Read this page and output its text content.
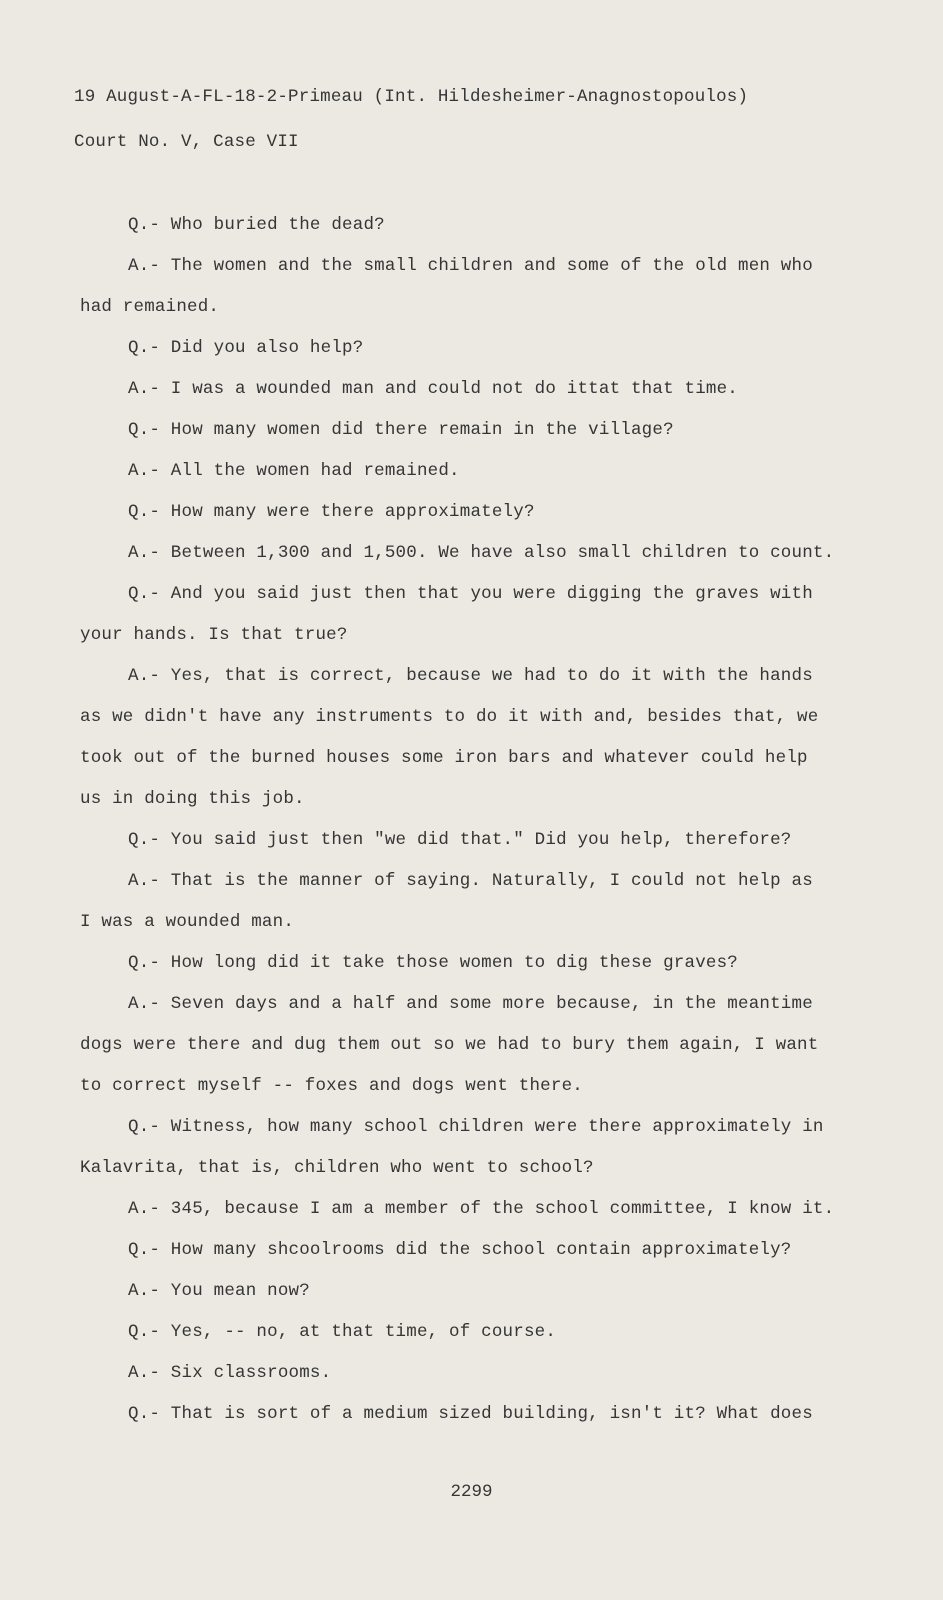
19 August-A-FL-18-2-Primeau (Int. Hildesheimer-Anagnostopoulos)
Court No. V, Case VII
Q.- Who buried the dead?
A.- The women and the small children and some of the old men who
had remained.
Q.- Did you also help?
A.- I was a wounded man and could not do ittat that time.
Q.- How many women did there remain in the village?
A.- All the women had remained.
Q.- How many were there approximately?
A.- Between 1,300 and 1,500. We have also small children to count.
Q.- And you said just then that you were digging the graves with
your hands. Is that true?
A.- Yes, that is correct, because we had to do it with the hands
as we didn't have any instruments to do it with and, besides that, we
took out of the burned houses some iron bars and whatever could help
us in doing this job.
Q.- You said just then "we did that." Did you help, therefore?
A.- That is the manner of saying. Naturally, I could not help as
I was a wounded man.
Q.- How long did it take those women to dig these graves?
A.- Seven days and a half and some more because, in the meantime
dogs were there and dug them out so we had to bury them again, I want
to correct myself -- foxes and dogs went there.
Q.- Witness, how many school children were there approximately in
Kalavrita, that is, children who went to school?
A.- 345, because I am a member of the school committee, I know it.
Q.- How many shcoolrooms did the school contain approximately?
A.- You mean now?
Q.- Yes, -- no, at that time, of course.
A.- Six classrooms.
Q.- That is sort of a medium sized building, isn't it? What does
2299
